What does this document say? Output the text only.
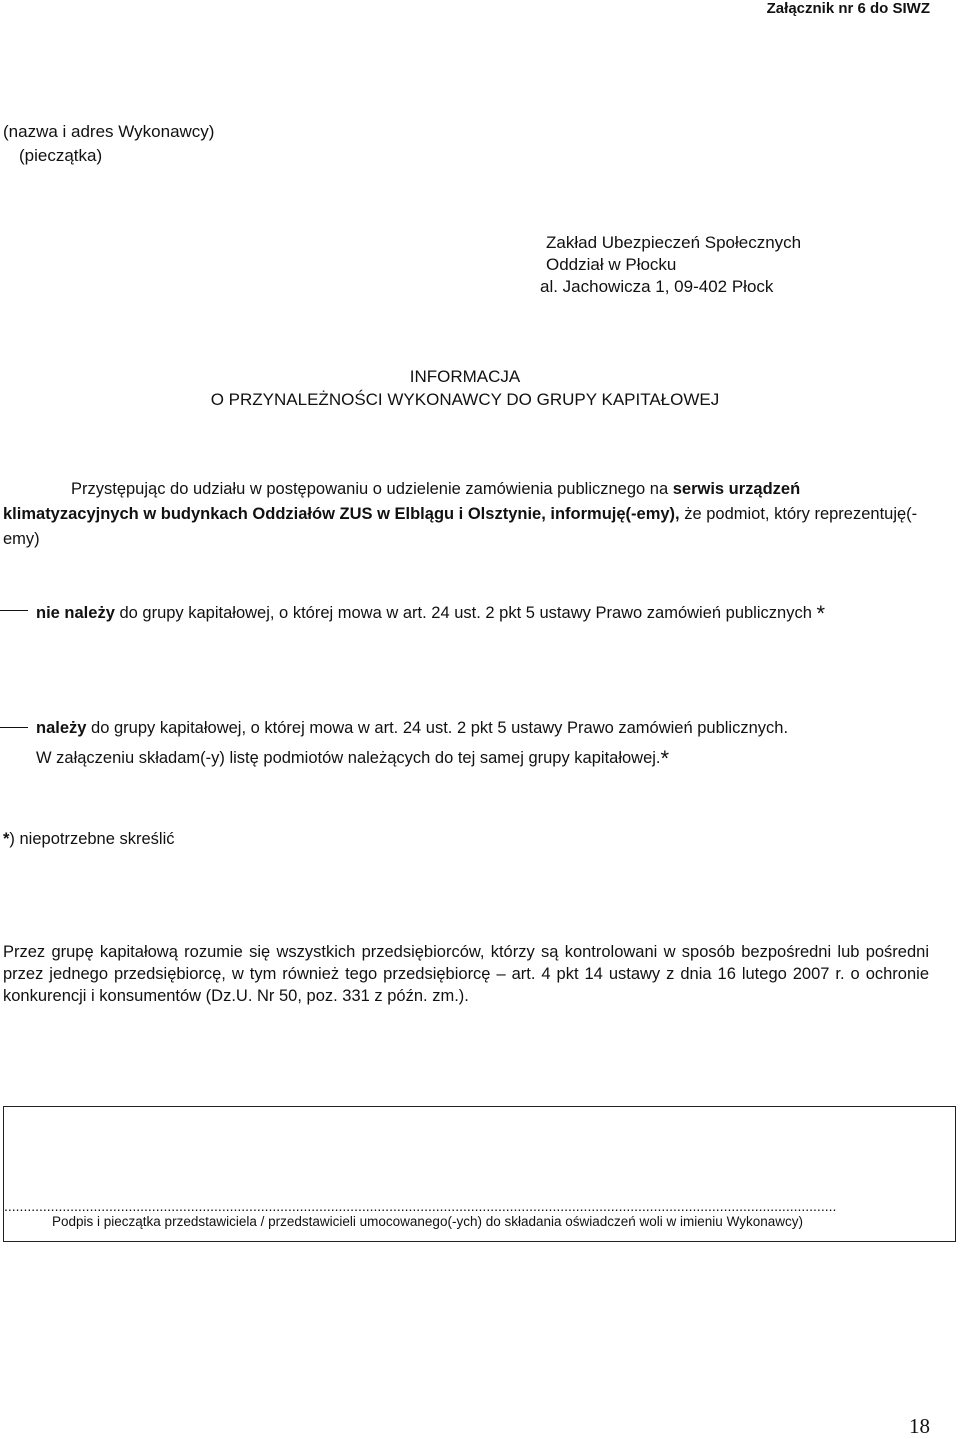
Załącznik nr 6 do SIWZ
(nazwa i adres Wykonawcy)
(pieczątka)
Zakład Ubezpieczeń Społecznych
Oddział w Płocku
al. Jachowicza 1, 09-402 Płock
INFORMACJA
O PRZYNALEŻNOŚCI WYKONAWCY DO GRUPY KAPITAŁOWEJ
Przystępując do udziału w postępowaniu o udzielenie zamówienia publicznego na serwis urządzeń klimatyzacyjnych w budynkach Oddziałów ZUS w Elblągu i Olsztynie, informuję(-emy), że podmiot, który reprezentuję(-emy)
nie należy do grupy kapitałowej, o której mowa w art. 24 ust. 2 pkt 5 ustawy Prawo zamówień publicznych *
należy do grupy kapitałowej, o której mowa w art. 24 ust. 2 pkt 5 ustawy Prawo zamówień publicznych.
W załączeniu składam(-y) listę podmiotów należących do tej samej grupy kapitałowej.*
*) niepotrzebne skreślić
Przez grupę kapitałową rozumie się wszystkich przedsiębiorców, którzy są kontrolowani w sposób bezpośredni lub pośredni przez jednego przedsiębiorcę, w tym również tego przedsiębiorcę – art. 4 pkt 14 ustawy z dnia 16 lutego 2007 r. o ochronie konkurencji i konsumentów (Dz.U. Nr 50, poz. 331 z późn. zm.).
......................................................................................................................................................................................................................
Podpis i pieczątka przedstawiciela / przedstawicieli umocowanego(-ych) do składania oświadczeń woli w imieniu Wykonawcy)
18
